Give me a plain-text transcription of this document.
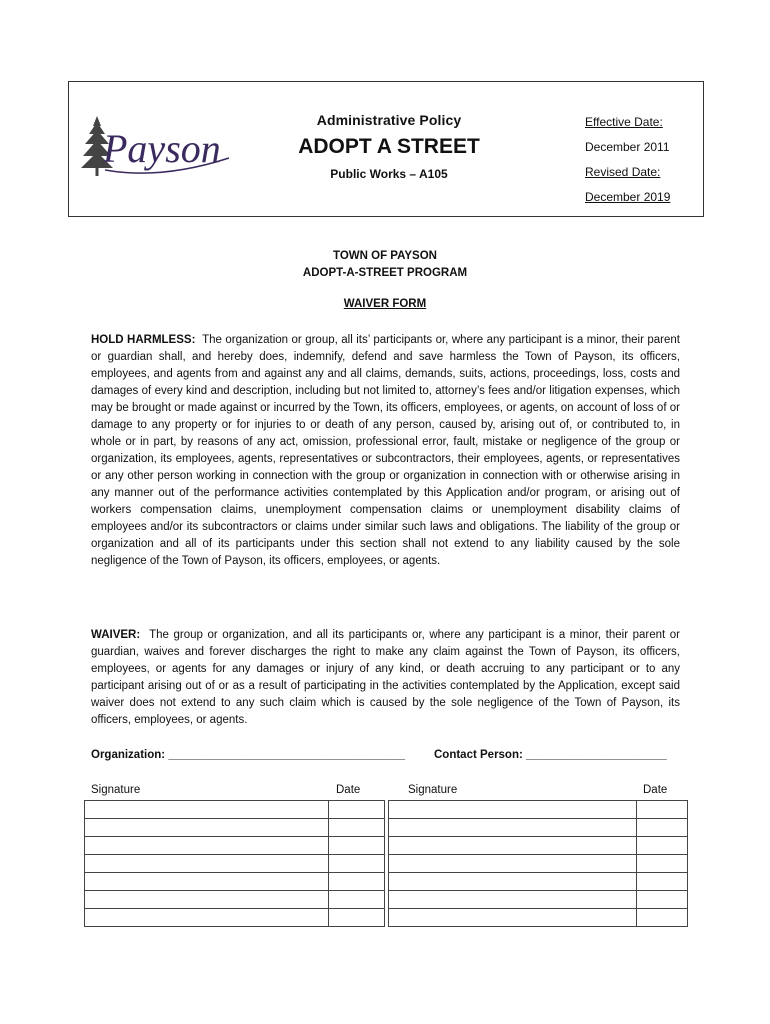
Payson
Administrative Policy
ADOPT A STREET
Public Works – A105
Effective Date:
December 2011
Revised Date:
December 2019
TOWN OF PAYSON
ADOPT-A-STREET PROGRAM
WAIVER FORM
HOLD HARMLESS: The organization or group, all its’ participants or, where any participant is a minor, their parent or guardian shall, and hereby does, indemnify, defend and save harmless the Town of Payson, its officers, employees, and agents from and against any and all claims, demands, suits, actions, proceedings, loss, costs and damages of every kind and description, including but not limited to, attorney’s fees and/or litigation expenses, which may be brought or made against or incurred by the Town, its officers, employees, or agents, on account of loss of or damage to any property or for injuries to or death of any person, caused by, arising out of, or contributed to, in whole or in part, by reasons of any act, omission, professional error, fault, mistake or negligence of the group or organization, its employees, agents, representatives or subcontractors, their employees, agents, or representatives or any other person working in connection with the group or organization in connection with or otherwise arising in any manner out of the performance activities contemplated by this Application and/or program, or arising out of workers compensation claims, unemployment compensation claims or unemployment disability claims of employees and/or its subcontractors or claims under similar such laws and obligations. The liability of the group or organization and all of its participants under this section shall not extend to any liability caused by the sole negligence of the Town of Payson, its officers, employees, or agents.
WAIVER: The group or organization, and all its participants or, where any participant is a minor, their parent or guardian, waives and forever discharges the right to make any claim against the Town of Payson, its officers, employees, or agents for any damages or injury of any kind, or death accruing to any participant or to any participant arising out of or as a result of participating in the activities contemplated by the Application, except said waiver does not extend to any such claim which is caused by the sole negligence of the Town of Payson, its officers, employees, or agents.
Organization: _____________________________________	Contact Person: ______________________
Signature	Date	Signature	Date
